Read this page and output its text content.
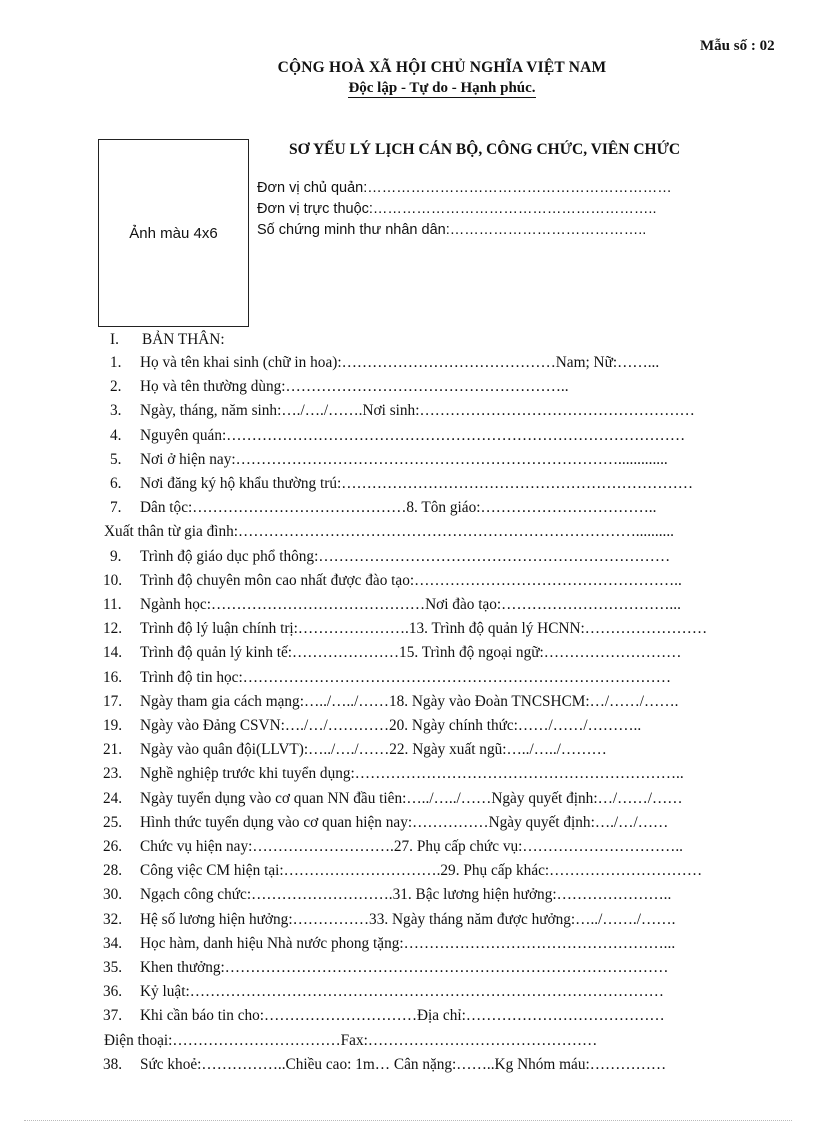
Mẫu số : 02
CỘNG HOÀ XÃ HỘI CHỦ NGHĨA VIỆT NAM
Độc lập - Tự do - Hạnh phúc.
Ảnh màu 4x6
SƠ YẾU LÝ LỊCH CÁN BỘ, CÔNG CHỨC, VIÊN CHỨC
Đơn vị chủ quản:………………………………………………………
Đơn vị trực thuộc:…………………………………………………..
Số chứng minh thư nhân dân:…………………………………..
I. BẢN THÂN:
1. Họ và tên khai sinh (chữ in hoa):……………………………………Nam; Nữ:……...
2. Họ và tên thường dùng:………………………………………………..
3. Ngày, tháng, năm sinh:…./…./…….Nơi sinh:………………………………………………
4. Nguyên quán:………………………………………………………………………………
5. Nơi ở hiện nay:………………………………………………………………….............
6. Nơi đăng ký hộ khẩu thường trú:……………………………………………………………
7. Dân tộc:……………………………………8. Tôn giáo:……………………………..
Xuất thân từ gia đình:……………………………………………………………………..........
9. Trình độ giáo dục phổ thông:……………………………………………………………
10. Trình độ chuyên môn cao nhất được đào tạo:……………………………………………..
11. Ngành học:……………………………………Nơi đào tạo:……………………………...
12. Trình độ lý luận chính trị:………………….13. Trình độ quản lý HCNN:……………………
14. Trình độ quản lý kinh tế:…………………15. Trình độ ngoại ngữ:………………………
16. Trình độ tin học:…………………………………………………………………………
17. Ngày tham gia cách mạng:…../…../……18. Ngày vào Đoàn TNCSHCM:…/……/…….
19. Ngày vào Đảng CSVN:…./…/…………20. Ngày chính thức:……/……/………..
21. Ngày vào quân đội(LLVT):…../…./……22. Ngày xuất ngũ:…../…../………
23. Nghề nghiệp trước khi tuyển dụng:………………………………………………………..
24. Ngày tuyển dụng vào cơ quan NN đầu tiên:…../…../……Ngày quyết định:…/……/……
25. Hình thức tuyển dụng vào cơ quan hiện nay:……………Ngày quyết định:…./…/……
26. Chức vụ hiện nay:……………………….27. Phụ cấp chức vụ:…………………………..
28. Công việc CM hiện tại:………………………….29. Phụ cấp khác:…………………………
30. Ngạch công chức:……………………….31. Bậc lương hiện hưởng:…………………..
32. Hệ số lương hiện hưởng:……………33. Ngày tháng năm được hưởng:…../……./…….
34. Học hàm, danh hiệu Nhà nước phong tặng:……………………………………………...
35. Khen thưởng:……………………………………………………………………………
36. Kỷ luật:…………………………………………………………………………………
37. Khi cần báo tin cho:…………………………Địa chỉ:…………………………………
Điện thoại:……………………………Fax:………………………………………
38. Sức khoẻ:……………..Chiều cao: 1m… Cân nặng:……..Kg Nhóm máu:……………
